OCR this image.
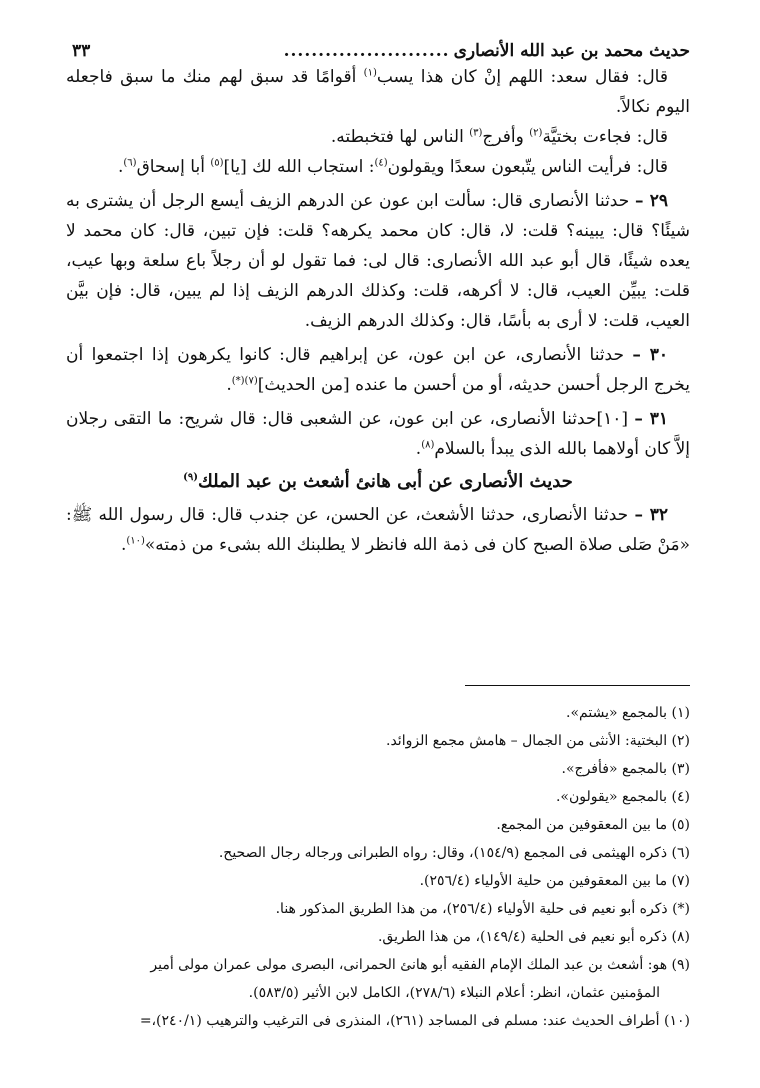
حديث محمد بن عبد الله الأنصارى
........................
٣٣

قال: فقال سعد: اللهم إنْ كان هذا يسب$^{(١)}$ أقوامًا قد سبق لهم منك ما سبق فاجعله اليوم نكالاً.

قال: فجاءت بختيَّة$^{(٢)}$ وأفرج$^{(٣)}$ الناس لها فتخبطته.

قال: فرأيت الناس يتّبعون سعدًا ويقولون$^{(٤)}$: استجاب الله لك [يا]$^{(٥)}$ أبا إسحاق$^{(٦)}$.

٢٩ – حدثنا الأنصارى قال: سألت ابن عون عن الدرهم الزيف أيسع الرجل أن يشترى به شيئًا؟ قال: يبينه؟ قلت: لا، قال: كان محمد يكرهه؟ قلت: فإن تبين، قال: كان محمد لا يعده شيئًا، قال أبو عبد الله الأنصارى: قال لى: فما تقول لو أن رجلاً باع سلعة وبها عيب، قلت: يبيِّن العيب، قال: لا أكرهه، قلت: وكذلك الدرهم الزيف إذا لم يبين، قال: فإن بيَّن العيب، قلت: لا أرى به بأسًا، قال: وكذلك الدرهم الزيف.

٣٠ – حدثنا الأنصارى، عن ابن عون، عن إبراهيم قال: كانوا يكرهون إذا اجتمعوا أن يخرج الرجل أحسن حديثه، أو من أحسن ما عنده [من الحديث]$^{(٧)(*)}$.

٣١ – [١٠]حدثنا الأنصارى، عن ابن عون، عن الشعبى قال: قال شريح: ما التقى رجلان إلاَّ كان أولاهما بالله الذى يبدأ بالسلام$^{(٨)}$.

حديث الأنصارى عن أبى هانئ أشعث بن عبد الملك$^{(٩)}$

٣٢ – حدثنا الأنصارى، حدثنا الأشعث، عن الحسن، عن جندب قال: قال رسول الله ﷺ: «مَنْ صَلى صلاة الصبح كان فى ذمة الله فانظر لا يطلبنك الله بشىء من ذمته»$^{(١٠)}$.

(١) بالمجمع «يشتم».

(٢) البختية: الأنثى من الجمال – هامش مجمع الزوائد.

(٣) بالمجمع «فأفرج».

(٤) بالمجمع «يقولون».

(٥) ما بين المعقوفين من المجمع.

(٦) ذكره الهيثمى فى المجمع (١٥٤/٩)، وقال: رواه الطبرانى ورجاله رجال الصحيح.

(٧) ما بين المعقوفين من حلية الأولياء (٢٥٦/٤).

(*) ذكره أبو نعيم فى حلية الأولياء (٢٥٦/٤)، من هذا الطريق المذكور هنا.

(٨) ذكره أبو نعيم فى الحلية (١٤٩/٤)، من هذا الطريق.

(٩) هو: أشعث بن عبد الملك الإمام الفقيه أبو هانئ الحمرانى، البصرى مولى عمران مولى أمير
المؤمنين عثمان، انظر: أعلام النبلاء (٢٧٨/٦)، الكامل لابن الأثير (٥٨٣/٥).

(١٠) أطراف الحديث عند: مسلم فى المساجد (٢٦١)، المنذرى فى الترغيب والترهيب (٢٤٠/١)،=
